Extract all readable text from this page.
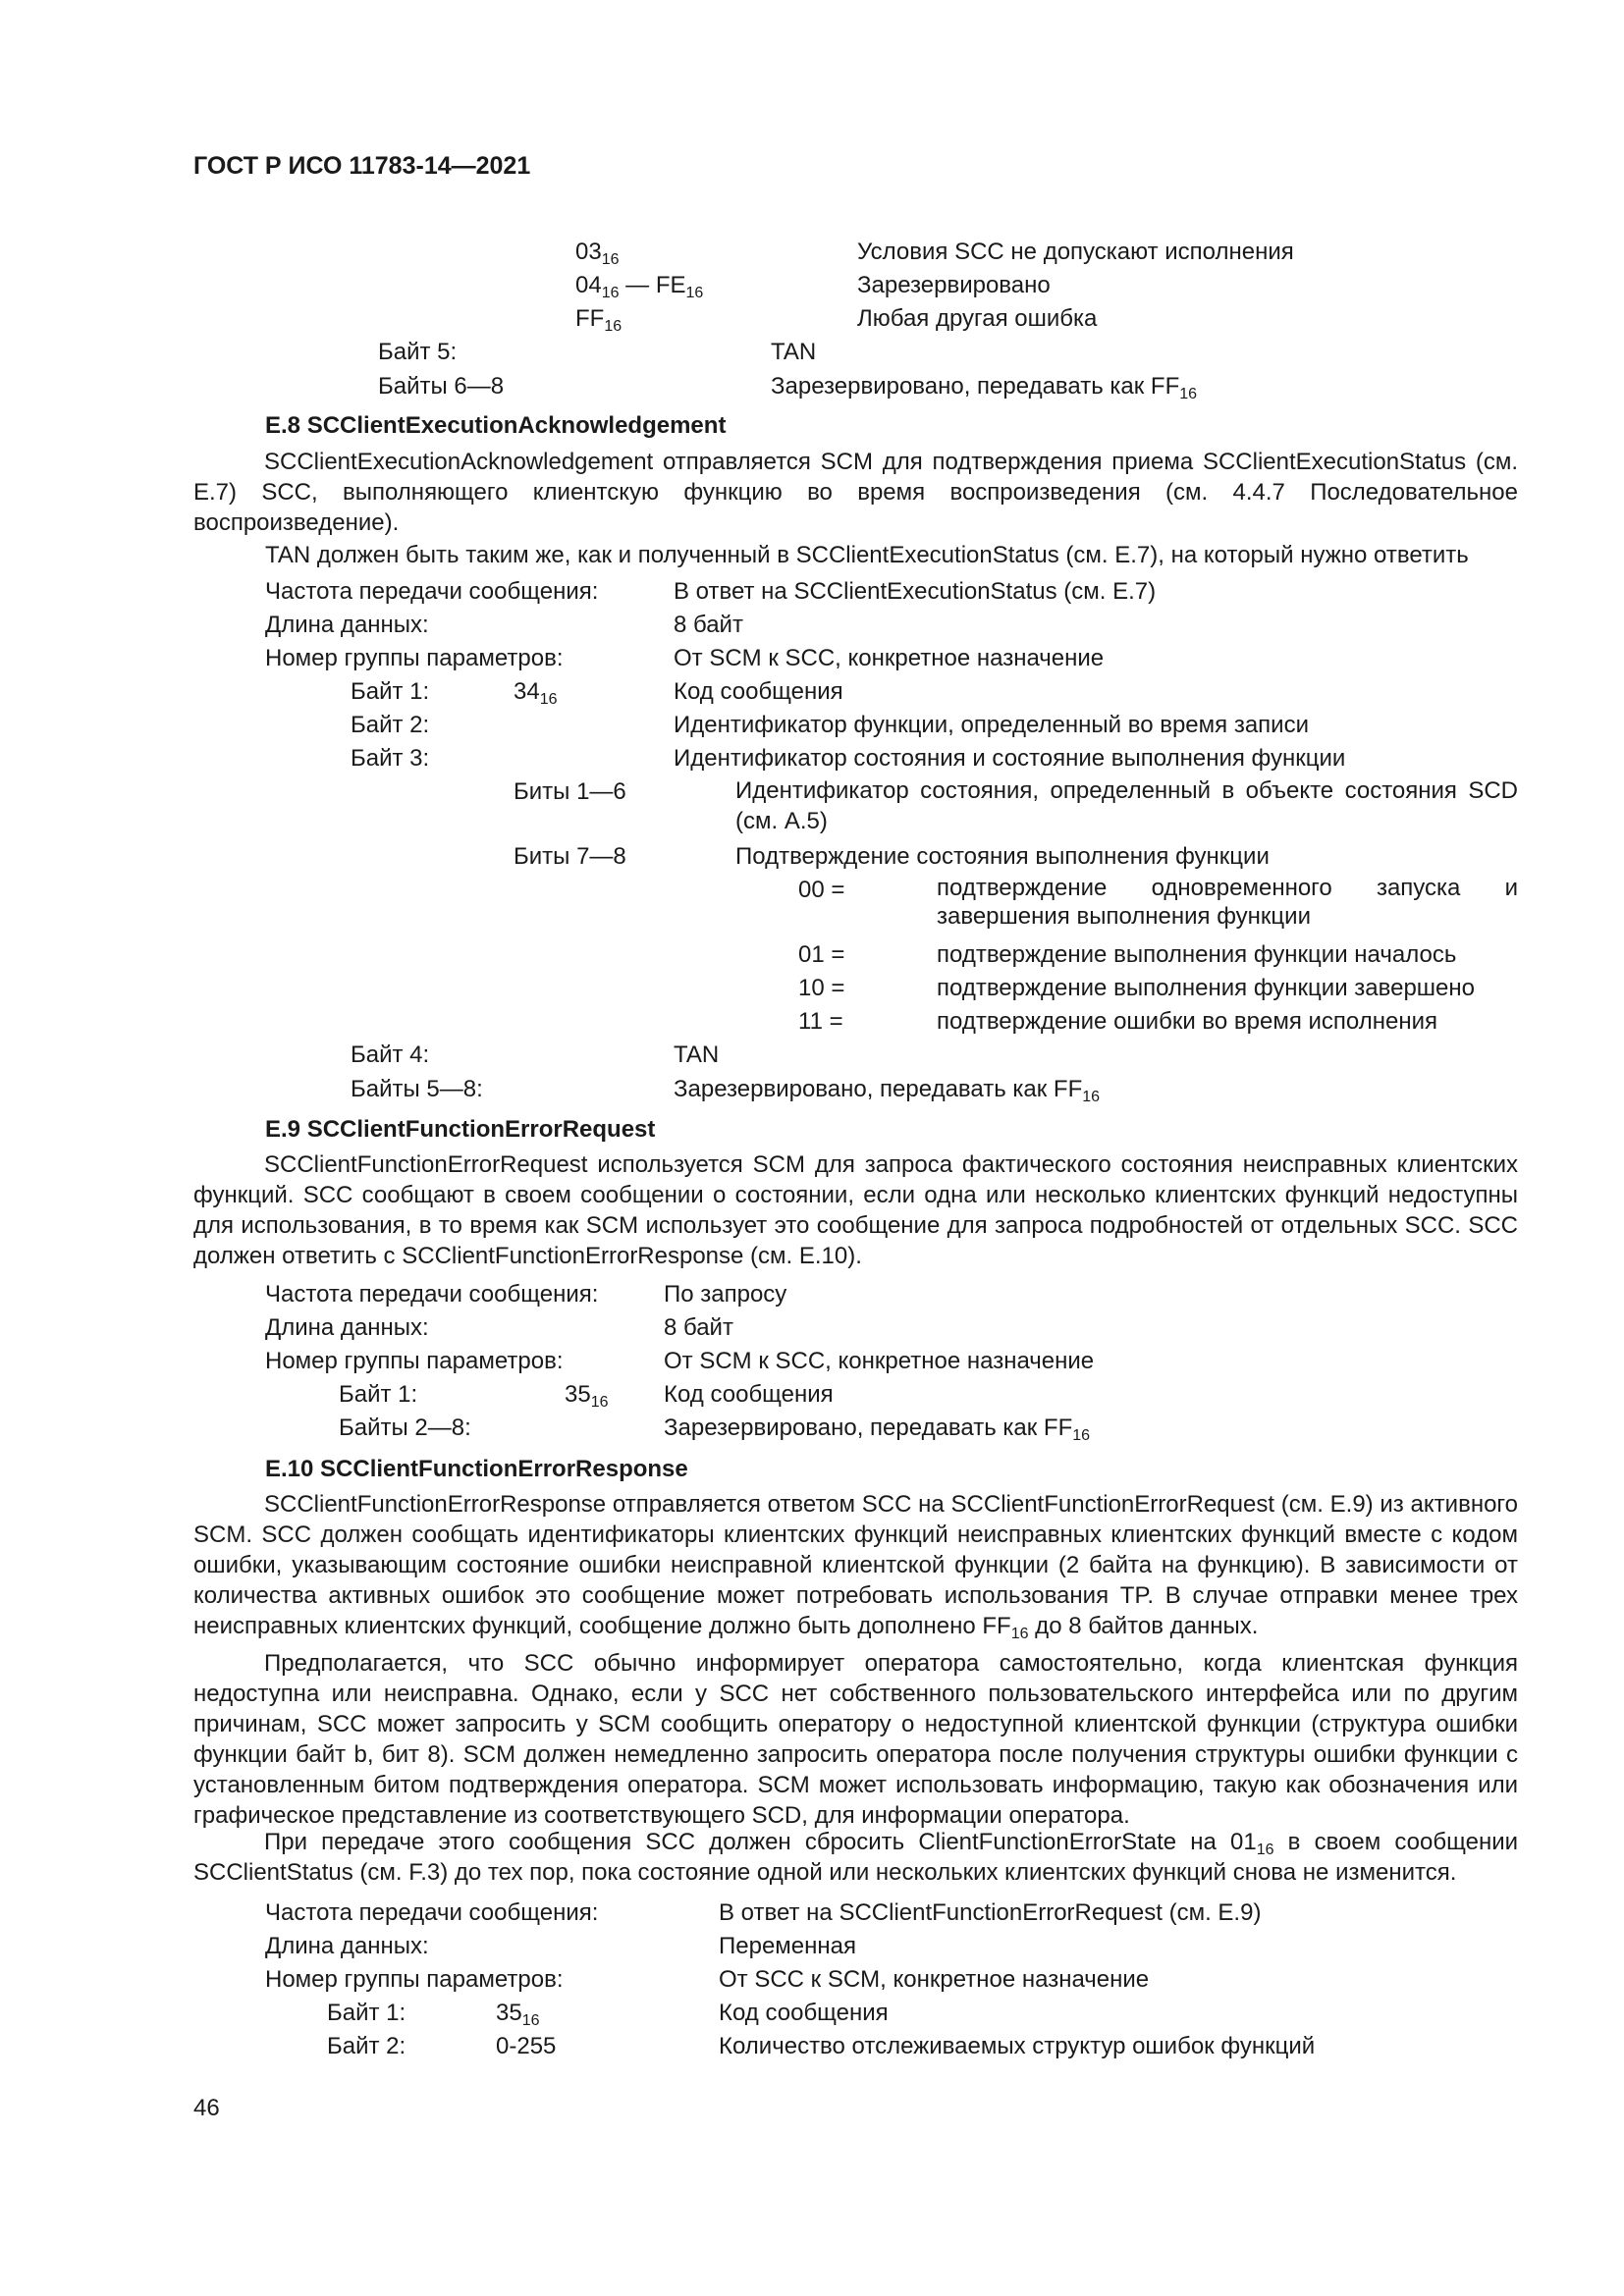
ГОСТ Р ИСО 11783-14—2021
$03_{16}$	Условия SCC не допускают исполнения
$04_{16}$ — $FE_{16}$	Зарезервировано
$FF_{16}$	Любая другая ошибка
Байт 5:	TAN
Байты 6—8	Зарезервировано, передавать как $FF_{16}$
E.8 SCClientExecutionAcknowledgement
SCClientExecutionAcknowledgement отправляется SCM для подтверждения приема SCClientExecutionStatus (см. E.7) SCC, выполняющего клиентскую функцию во время воспроизведения (см. 4.4.7 Последовательное воспроизведение).
TAN должен быть таким же, как и полученный в SCClientExecutionStatus (см. E.7), на который нужно ответить
Частота передачи сообщения:	В ответ на SCClientExecutionStatus (см. E.7)
Длина данных:	8 байт
Номер группы параметров:	От SCM к SCC, конкретное назначение
Байт 1:	$34_{16}$	Код сообщения
Байт 2:	Идентификатор функции, определенный во время записи
Байт 3:	Идентификатор состояния и состояние выполнения функции
Биты 1—6	Идентификатор состояния, определенный в объекте состояния SCD (см. A.5)
Биты 7—8	Подтверждение состояния выполнения функции
00 =	подтверждение одновременного запуска и завершения выполнения функции
01 =	подтверждение выполнения функции началось
10 =	подтверждение выполнения функции завершено
11 =	подтверждение ошибки во время исполнения
Байт 4:	TAN
Байты 5—8:	Зарезервировано, передавать как $FF_{16}$
E.9 SCClientFunctionErrorRequest
SCClientFunctionErrorRequest используется SCM для запроса фактического состояния неисправных клиентских функций. SCC сообщают в своем сообщении о состоянии, если одна или несколько клиентских функций недоступны для использования, в то время как SCM использует это сообщение для запроса подробностей от отдельных SCC. SCC должен ответить с SCClientFunctionErrorResponse (см. E.10).
Частота передачи сообщения:	По запросу
Длина данных:	8 байт
Номер группы параметров:	От SCM к SCC, конкретное назначение
Байт 1:	$35_{16}$ Код сообщения
Байты 2—8:	Зарезервировано, передавать как $FF_{16}$
E.10 SCClientFunctionErrorResponse
SCClientFunctionErrorResponse отправляется ответом SCC на SCClientFunctionErrorRequest (см. E.9) из активного SCM. SCC должен сообщать идентификаторы клиентских функций неисправных клиентских функций вместе с кодом ошибки, указывающим состояние ошибки неисправной клиентской функции (2 байта на функцию). В зависимости от количества активных ошибок это сообщение может потребовать использования TP. В случае отправки менее трех неисправных клиентских функций, сообщение должно быть дополнено $FF_{16}$ до 8 байтов данных.
Предполагается, что SCC обычно информирует оператора самостоятельно, когда клиентская функция недоступна или неисправна. Однако, если у SCC нет собственного пользовательского интерфейса или по другим причинам, SCC может запросить у SCM сообщить оператору о недоступной клиентской функции (структура ошибки функции байт b, бит 8). SCM должен немедленно запросить оператора после получения структуры ошибки функции с установленным битом подтверждения оператора. SCM может использовать информацию, такую как обозначения или графическое представление из соответствующего SCD, для информации оператора.
При передаче этого сообщения SCC должен сбросить ClientFunctionErrorState на $01_{16}$ в своем сообщении SCClientStatus (см. F.3) до тех пор, пока состояние одной или нескольких клиентских функций снова не изменится.
Частота передачи сообщения:	В ответ на SCClientFunctionErrorRequest (см. E.9)
Длина данных:	Переменная
Номер группы параметров:	От SCC к SCM, конкретное назначение
Байт 1:	$35_{16}$	Код сообщения
Байт 2:	0-255	Количество отслеживаемых структур ошибок функций
46
